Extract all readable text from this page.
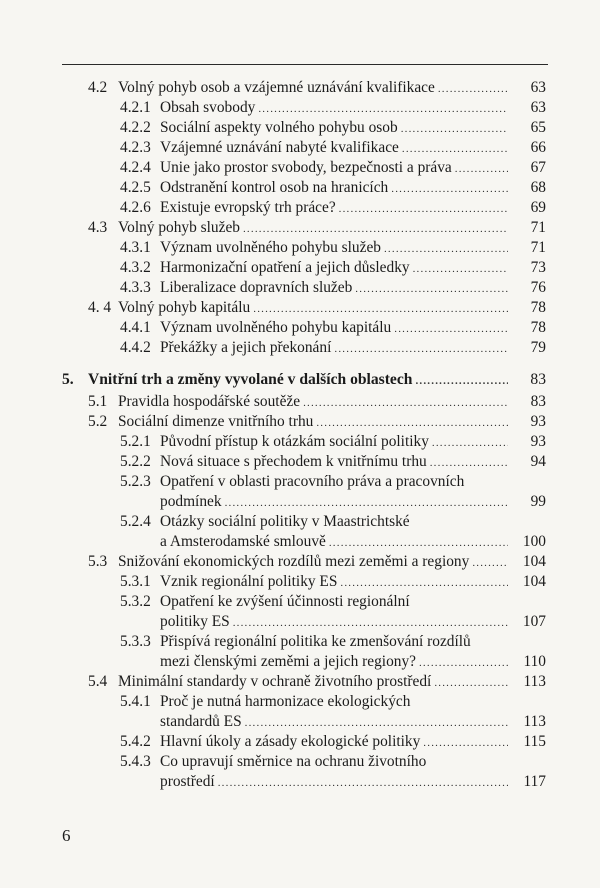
4.2 Volný pohyb osob a vzájemné uznávání kvalifikace .....	63
4.2.1 Obsah svobody .....	63
4.2.2 Sociální aspekty volného pohybu osob .....	65
4.2.3 Vzájemné uznávání nabyté kvalifikace .....	66
4.2.4 Unie jako prostor svobody, bezpečnosti a práva .....	67
4.2.5 Odstranění kontrol osob na hranicích .....	68
4.2.6 Existuje evropský trh práce? .....	69
4.3 Volný pohyb služeb .....	71
4.3.1 Význam uvolněného pohybu služeb .....	71
4.3.2 Harmonizační opatření a jejich důsledky .....	73
4.3.3 Liberalizace dopravních služeb .....	76
4. 4 Volný pohyb kapitálu .....	78
4.4.1 Význam uvolněného pohybu kapitálu .....	78
4.4.2 Překážky a jejich překonání .....	79
5. Vnitřní trh a změny vyvolané v dalších oblastech .....	83
5.1 Pravidla hospodářské soutěže .....	83
5.2 Sociální dimenze vnitřního trhu .....	93
5.2.1 Původní přístup k otázkám sociální politiky .....	93
5.2.2 Nová situace s přechodem k vnitřnímu trhu .....	94
5.2.3 Opatření v oblasti pracovního práva a pracovních
podmínek .....	99
5.2.4 Otázky sociální politiky v Maastrichtské
a Amsterodamské smlouvě .....	100
5.3 Snižování ekonomických rozdílů mezi zeměmi a regiony .....	104
5.3.1 Vznik regionální politiky ES .....	104
5.3.2 Opatření ke zvýšení účinnosti regionální
politiky ES .....	107
5.3.3 Přispívá regionální politika ke zmenšování rozdílů
mezi členskými zeměmi a jejich regiony? .....	110
5.4 Minimální standardy v ochraně životního prostředí .....	113
5.4.1 Proč je nutná harmonizace ekologických
standardů ES .....	113
5.4.2 Hlavní úkoly a zásady ekologické politiky .....	115
5.4.3 Co upravují směrnice na ochranu životního
prostředí .....	117
6
